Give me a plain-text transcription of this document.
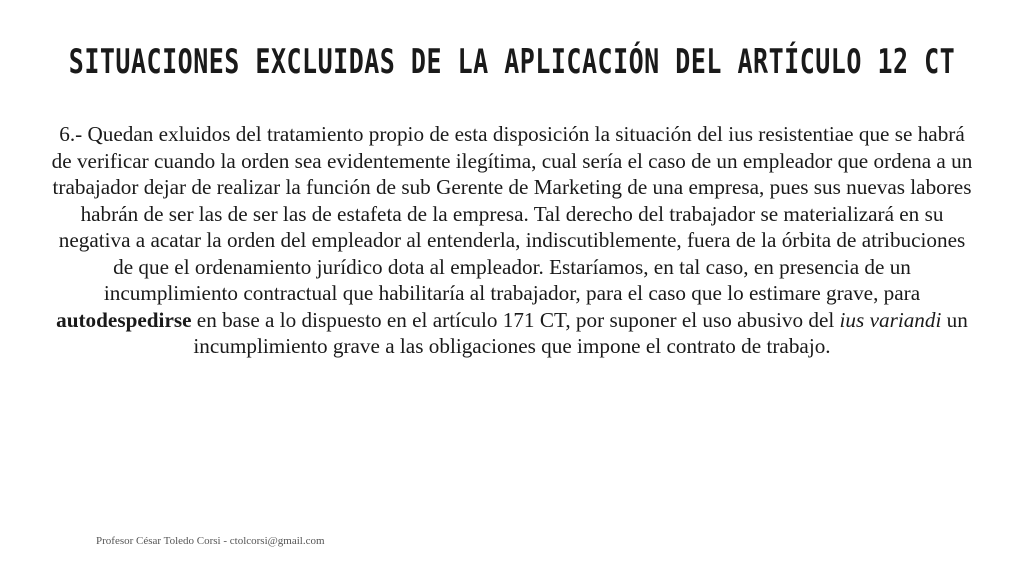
SITUACIONES EXCLUIDAS DE LA APLICACIÓN DEL ARTÍCULO 12 CT
6.- Quedan exluidos del tratamiento propio de esta disposición la situación del ius resistentiae que se habrá de verificar cuando la orden sea evidentemente ilegítima, cual sería el caso de un empleador que ordena a un trabajador dejar de realizar la función de sub Gerente de Marketing de una empresa, pues sus nuevas labores habrán de ser las de ser las de estafeta de la empresa. Tal derecho del trabajador se materializará en su negativa a acatar la orden del empleador al entenderla, indiscutiblemente, fuera de la órbita de atribuciones de que el ordenamiento jurídico dota al empleador. Estaríamos, en tal caso, en presencia de un incumplimiento contractual que habilitaría al trabajador, para el caso que lo estimare grave, para autodespedirse en base a lo dispuesto en el artículo 171 CT, por suponer el uso abusivo del ius variandi un incumplimiento grave a las obligaciones que impone el contrato de trabajo.
Profesor César Toledo Corsi - ctolcorsi@gmail.com
